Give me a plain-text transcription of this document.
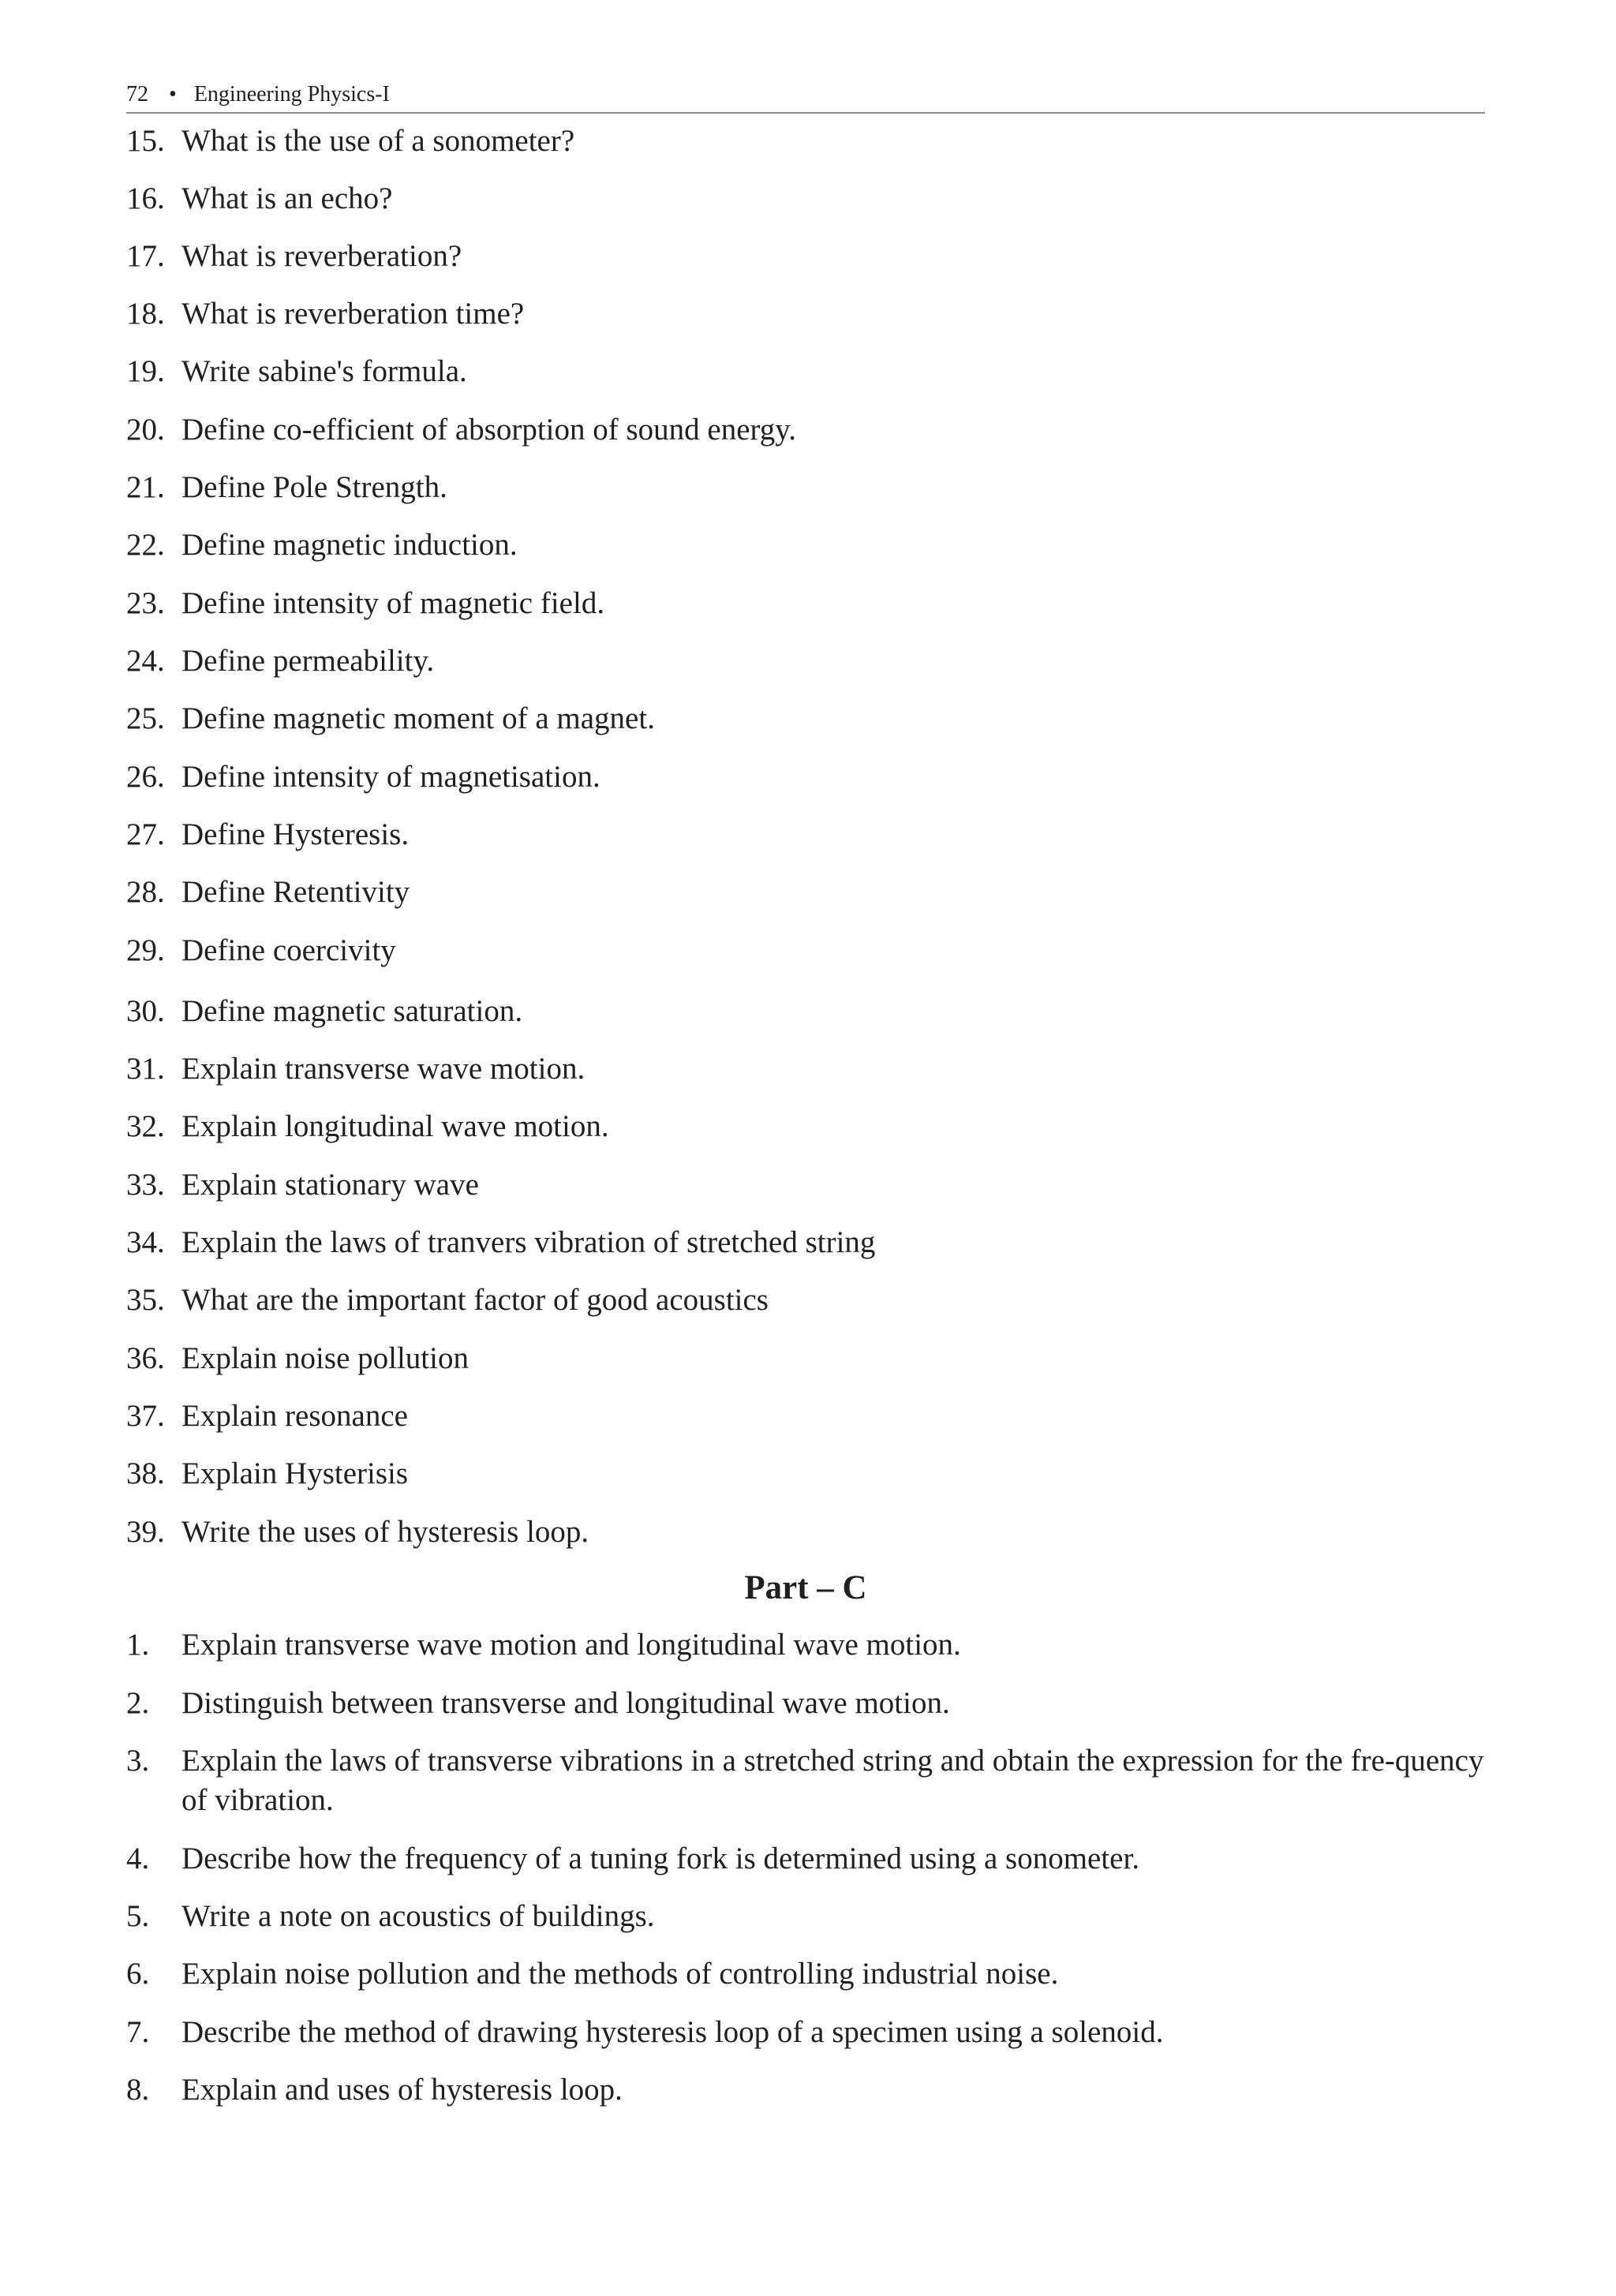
72 • Engineering Physics-I
15. What is the use of a sonometer?
16. What is an echo?
17. What is reverberation?
18. What is reverberation time?
19. Write sabine's formula.
20. Define co-efficient of absorption of sound energy.
21. Define Pole Strength.
22. Define magnetic induction.
23. Define intensity of magnetic field.
24. Define permeability.
25. Define magnetic moment of a magnet.
26. Define intensity of magnetisation.
27. Define Hysteresis.
28. Define Retentivity
29. Define coercivity
30. Define magnetic saturation.
31. Explain transverse wave motion.
32. Explain longitudinal wave motion.
33. Explain stationary wave
34. Explain the laws of tranvers vibration of stretched string
35. What are the important factor of good acoustics
36. Explain noise pollution
37. Explain resonance
38. Explain Hysterisis
39. Write the uses of hysteresis loop.
Part – C
1. Explain transverse wave motion and longitudinal wave motion.
2. Distinguish between transverse and longitudinal wave motion.
3. Explain the laws of transverse vibrations in a stretched string and obtain the expression for the fre-quency of vibration.
4. Describe how the frequency of a tuning fork is determined using a sonometer.
5. Write a note on acoustics of buildings.
6. Explain noise pollution and the methods of controlling industrial noise.
7. Describe the method of drawing hysteresis loop of a specimen using a solenoid.
8. Explain and uses of hysteresis loop.
